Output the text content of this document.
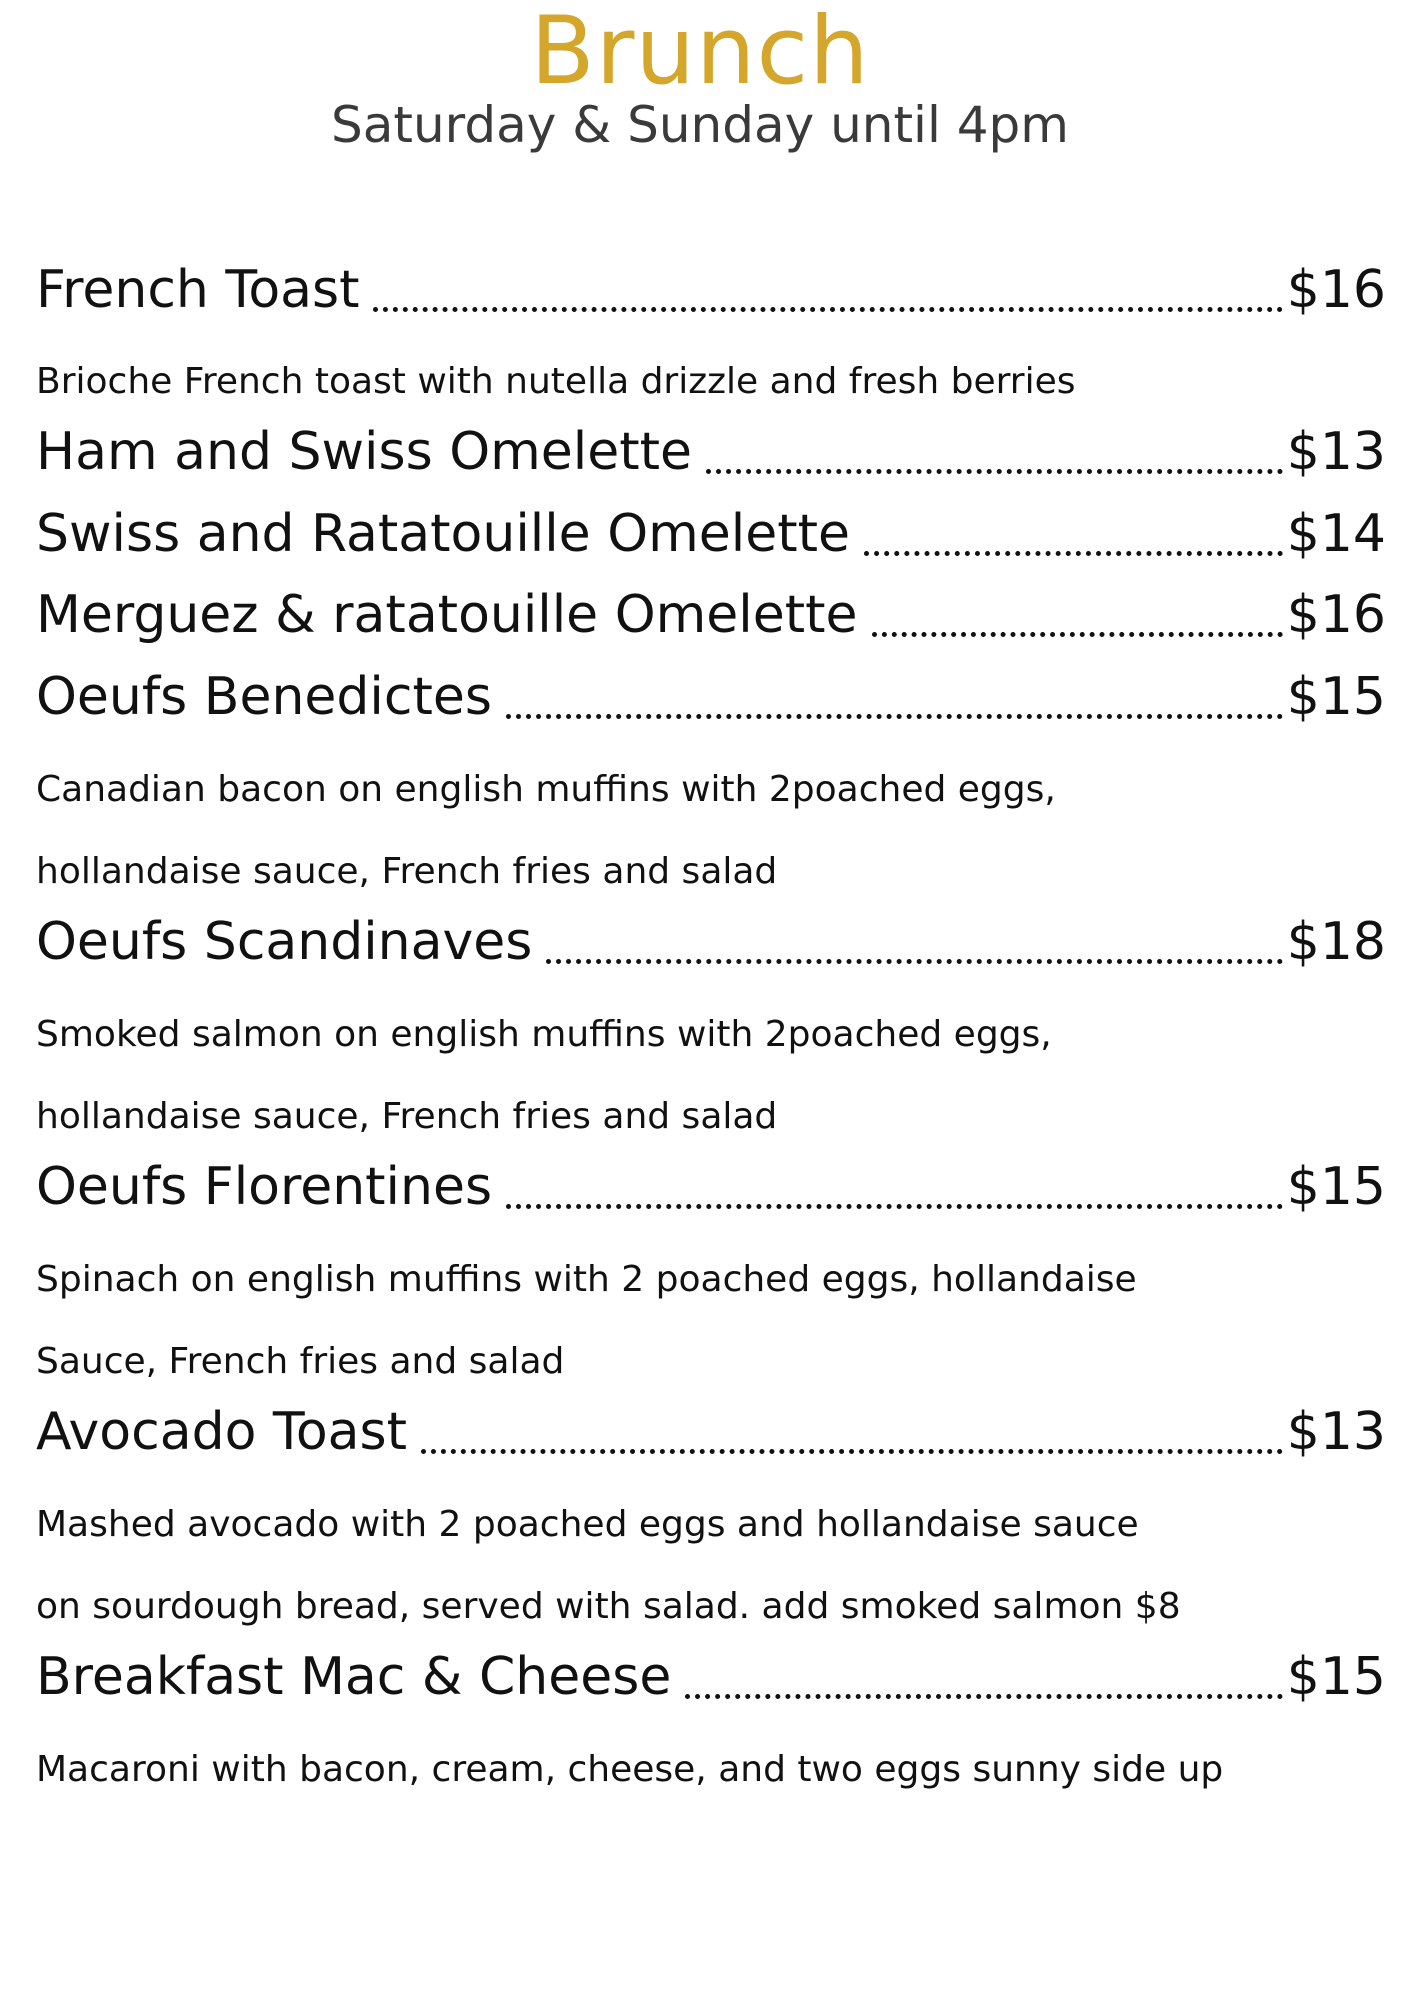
Brunch
Saturday & Sunday until 4pm
French Toast	$16
Brioche French toast with nutella drizzle and fresh berries
Ham and Swiss Omelette	$13
Swiss and Ratatouille Omelette	$14
Merguez & ratatouille Omelette	$16
Oeufs Benedictes	$15
Canadian bacon on english muffins with 2poached eggs,
hollandaise sauce, French fries and salad
Oeufs Scandinaves	$18
Smoked salmon on english muffins with 2poached eggs,
hollandaise sauce, French fries and salad
Oeufs Florentines	$15
Spinach on english muffins with 2 poached eggs, hollandaise
Sauce, French fries and salad
Avocado Toast	$13
Mashed avocado with 2 poached eggs and hollandaise sauce
on sourdough bread, served with salad. add smoked salmon $8
Breakfast Mac & Cheese	$15
Macaroni with bacon, cream, cheese, and two eggs sunny side up
